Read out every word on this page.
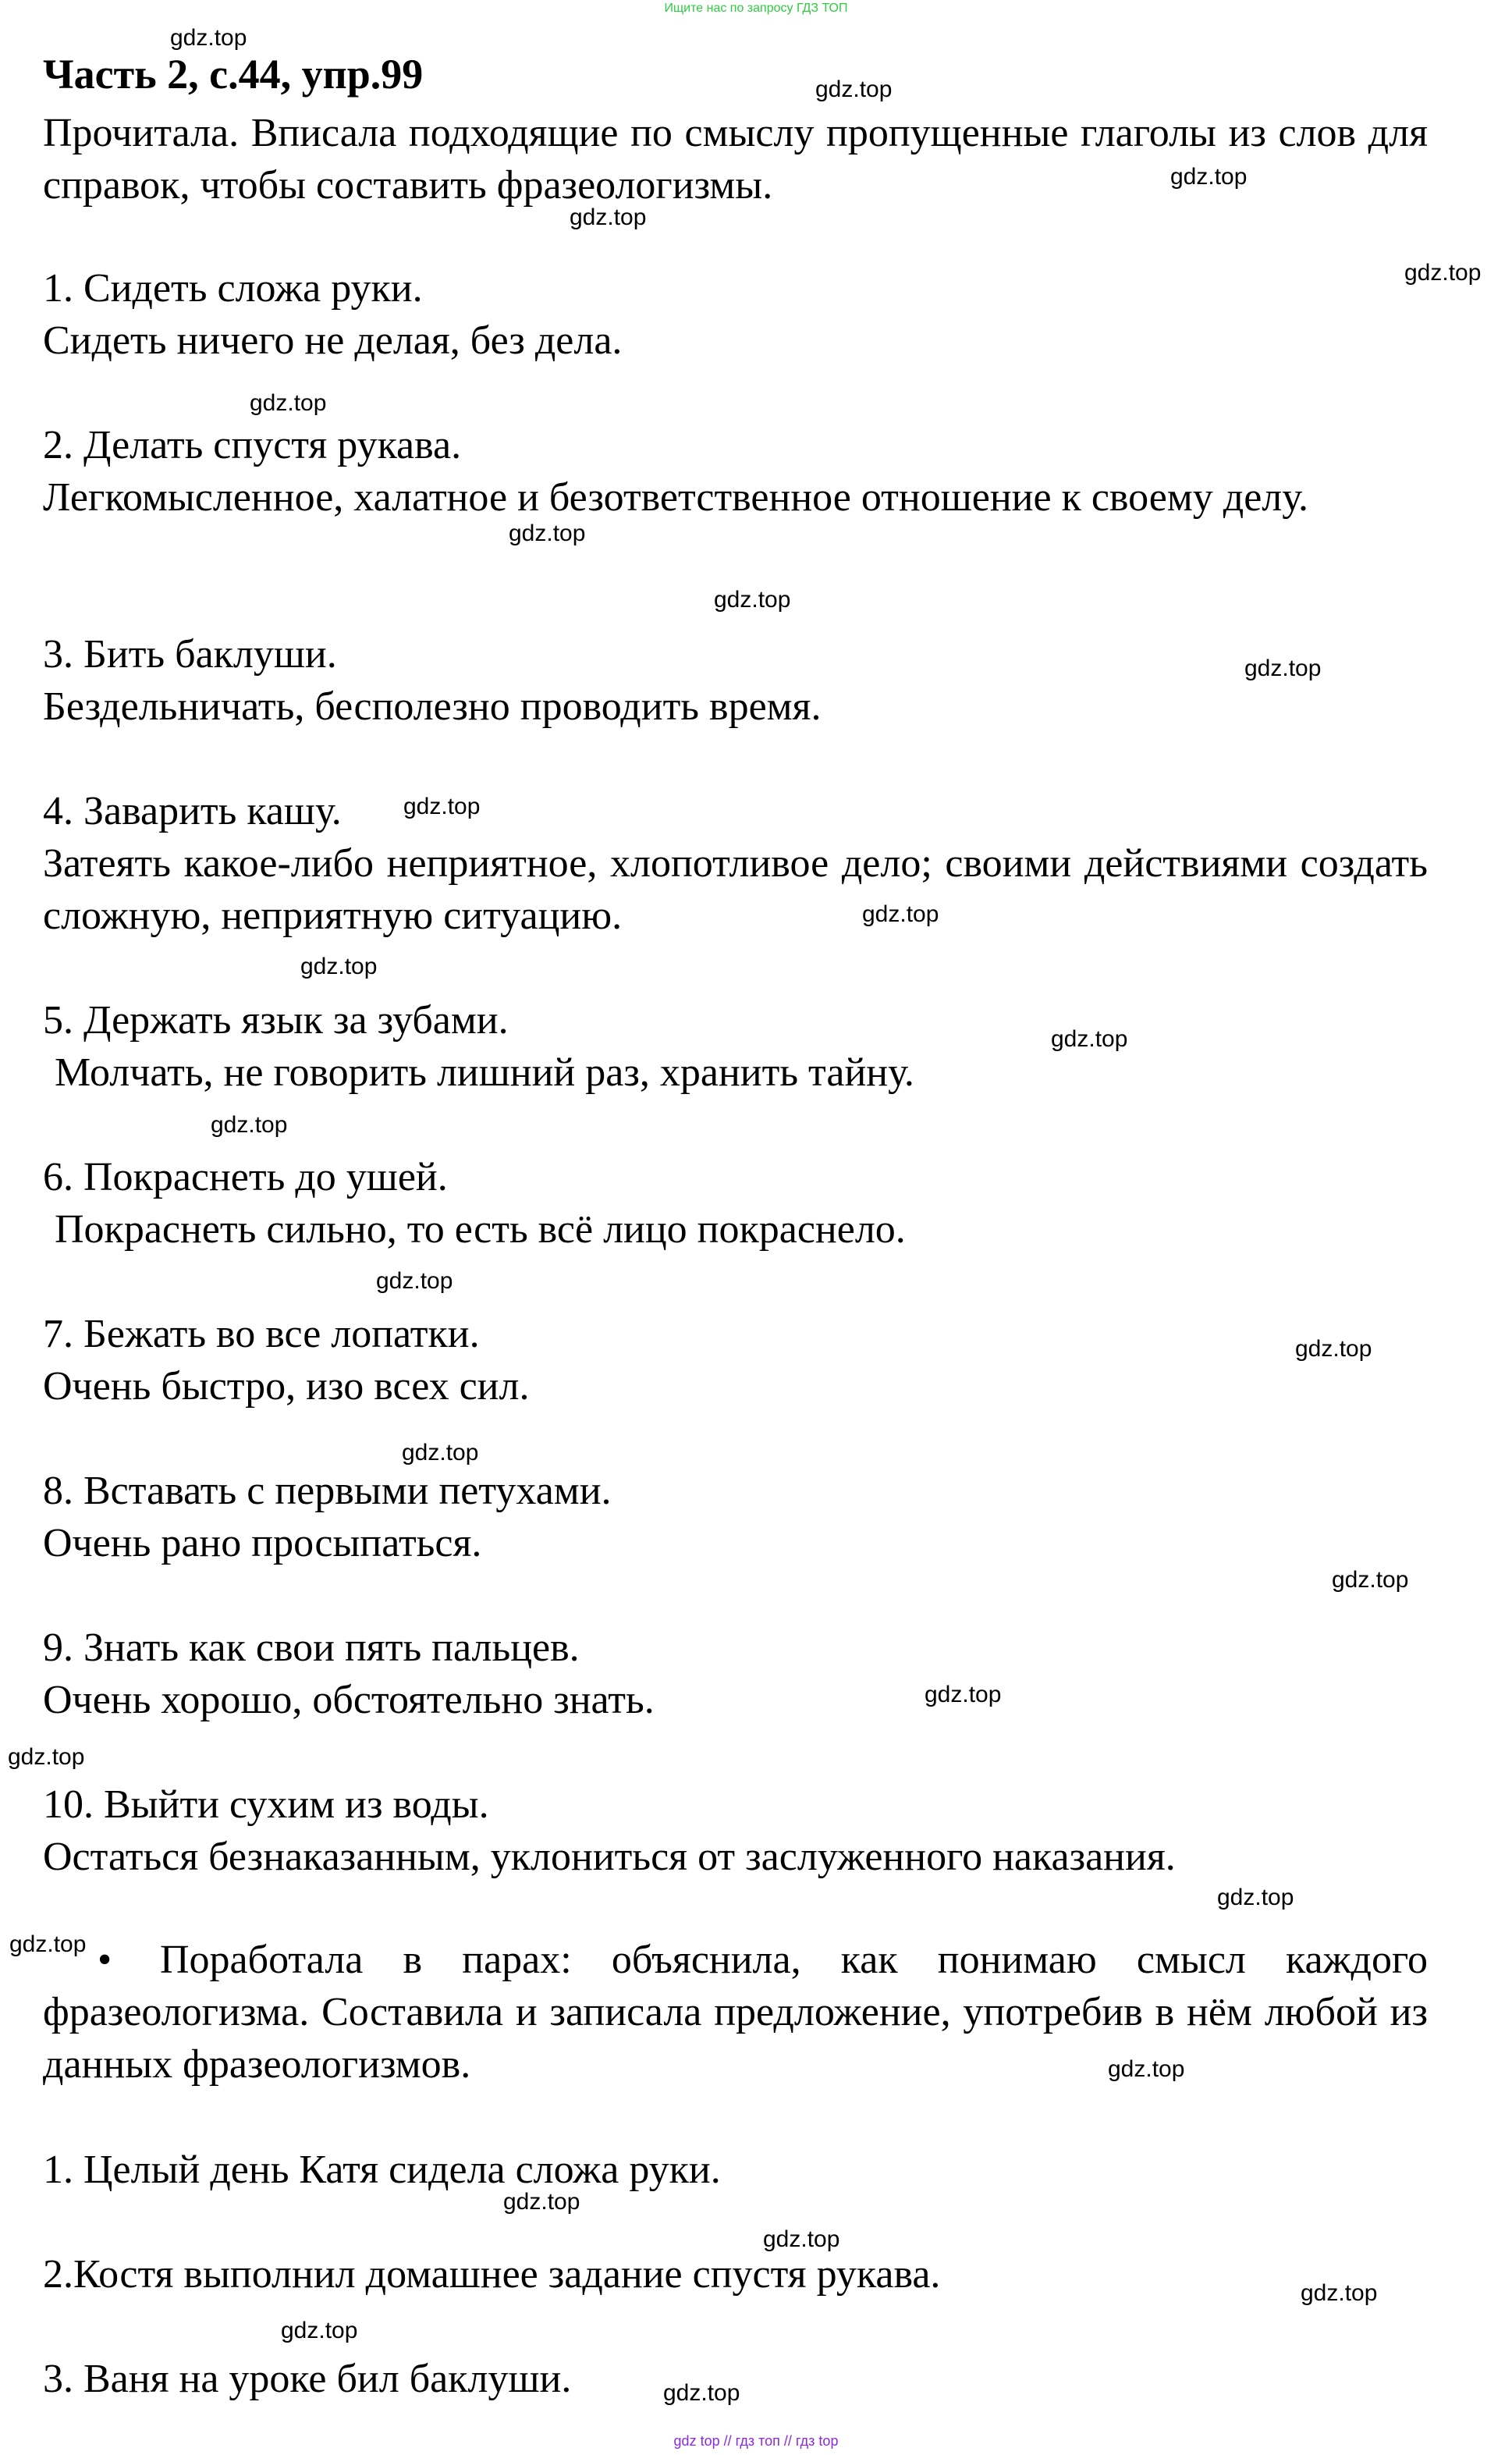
Ищите нас по запросу ГДЗ ТОП
Часть 2, с.44, упр.99

Прочитала. Вписала подходящие по смыслу пропущенные глаголы из слов для справок, чтобы составить фразеологизмы.

1. Сидеть сложа руки.

Сидеть ничего не делая, без дела.

2. Делать спустя рукава.

Легкомысленное, халатное и безответственное отношение к своему делу.

3. Бить баклуши.

Бездельничать, бесполезно проводить время.

4. Заварить кашу.

Затеять какое-либо неприятное, хлопотливое дело; своими действиями создать сложную, неприятную ситуацию.

5. Держать язык за зубами.

Молчать, не говорить лишний раз, хранить тайну.

6. Покраснеть до ушей.

Покраснеть сильно, то есть всё лицо покраснело.

7. Бежать во все лопатки.

Очень быстро, изо всех сил.

8. Вставать с первыми петухами.

Очень рано просыпаться.

9. Знать как свои пять пальцев.

Очень хорошо, обстоятельно знать.

10. Выйти сухим из воды.

Остаться безнаказанным, уклониться от заслуженного наказания.

•	Поработала в парах: объяснила, как понимаю смысл каждого фразеологизма. Составила и записала предложение, употребив в нём любой из данных фразеологизмов.

1. Целый день Катя сидела сложа руки.

2.Костя выполнил домашнее задание спустя рукава.

3. Ваня на уроке бил баклуши.

gdz.top
gdz.top
gdz.top
gdz.top
gdz.top
gdz.top
gdz.top
gdz.top
gdz.top
gdz.top
gdz.top
gdz.top
gdz.top
gdz.top
gdz.top
gdz.top
gdz.top
gdz.top
gdz.top
gdz.top
gdz.top
gdz.top
gdz.top
gdz.top
gdz.top
gdz.top
gdz.top
gdz.top
gdz top // гдз топ // гдз top
